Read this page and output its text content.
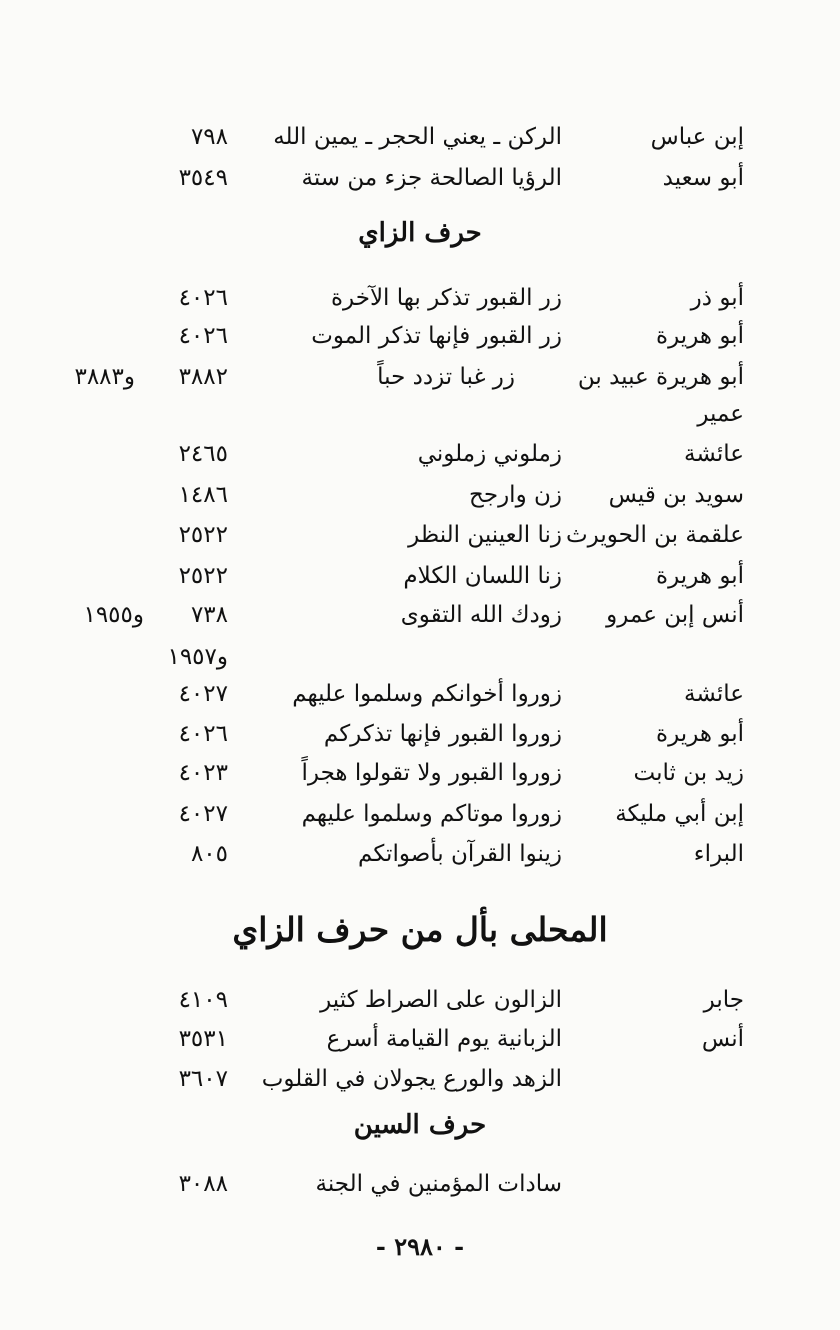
إبن عباس
الركن ـ يعني الحجر ـ يمين الله
٧٩٨
أبو سعيد
الرؤيا الصالحة جزء من ستة
٣٥٤٩
حرف الزاي
أبو ذر
زر القبور تذكر بها الآخرة
٤٠٢٦
أبو هريرة
زر القبور فإنها تذكر الموت
٤٠٢٦
أبو هريرة عبيد بن
زر غبا تزدد حباً
٣٨٨٢
و٣٨٨٣
عمير
عائشة
زملوني زملوني
٢٤٦٥
سويد بن قيس
زن وارجح
١٤٨٦
علقمة بن الحويرث
زنا العينين النظر
٢٥٢٢
أبو هريرة
زنا اللسان الكلام
٢٥٢٢
أنس إبن عمرو
زودك الله التقوى
٧٣٨
و١٩٥٥
و١٩٥٧
عائشة
زوروا أخوانكم وسلموا عليهم
٤٠٢٧
أبو هريرة
زوروا القبور فإنها تذكركم
٤٠٢٦
زيد بن ثابت
زوروا القبور ولا تقولوا هجراً
٤٠٢٣
إبن أبي مليكة
زوروا موتاكم وسلموا عليهم
٤٠٢٧
البراء
زينوا القرآن بأصواتكم
٨٠٥
المحلى بأل من حرف الزاي
جابر
الزالون على الصراط كثير
٤١٠٩
أنس
الزبانية يوم القيامة أسرع
٣٥٣١
الزهد والورع يجولان في القلوب
٣٦٠٧
حرف السين
سادات المؤمنين في الجنة
٣٠٨٨
- ٢٩٨٠ -
